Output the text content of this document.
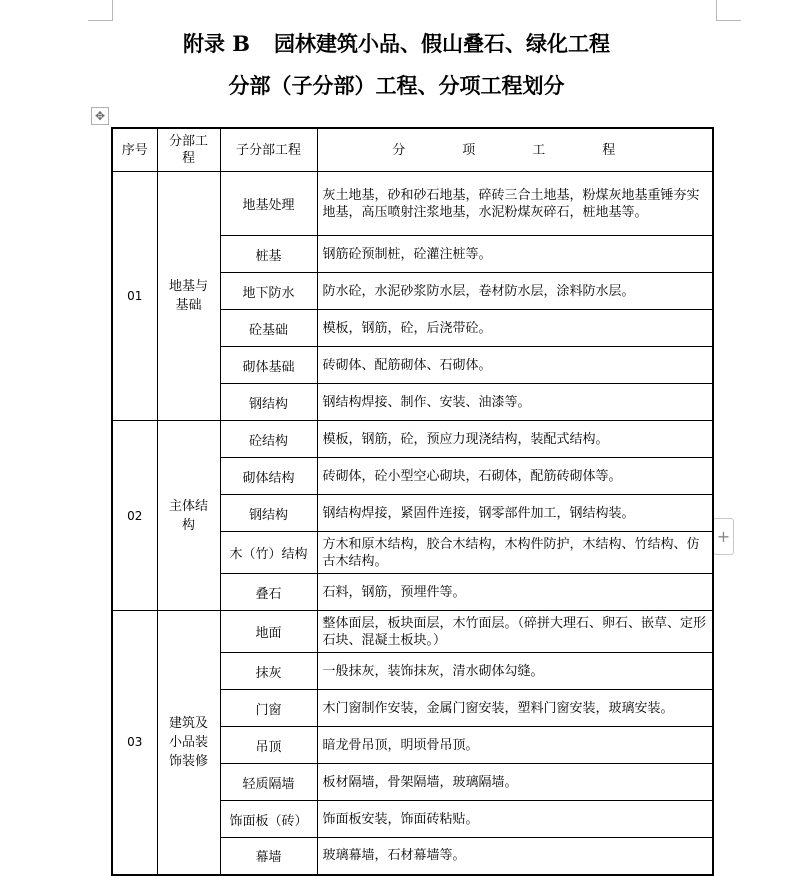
附录 B 园林建筑小品、假山叠石、绿化工程
分部（子分部）工程、分项工程划分
✥
+
序号	分部工程	子分部工程	分　项　工　程
01	地基与基础	地基处理	灰土地基，砂和砂石地基，碎砖三合土地基，粉煤灰地基重锤夯实地基，高压喷射注浆地基，水泥粉煤灰碎石，桩地基等。
		桩基	钢筋砼预制桩，砼灌注桩等。
		地下防水	防水砼，水泥砂浆防水层，卷材防水层，涂料防水层。
		砼基础	模板，钢筋，砼，后浇带砼。
		砌体基础	砖砌体、配筋砌体、石砌体。
		钢结构	钢结构焊接、制作、安装、油漆等。
02	主体结构	砼结构	模板，钢筋，砼，预应力现浇结构，装配式结构。
		砌体结构	砖砌体，砼小型空心砌块，石砌体，配筋砖砌体等。
		钢结构	钢结构焊接，紧固件连接，钢零部件加工，钢结构装。
		木（竹）结构	方木和原木结构，胶合木结构，木构件防护，木结构、竹结构、仿古木结构。
		叠石	石料，钢筋，预埋件等。
03	建筑及小品装饰装修	地面	整体面层，板块面层，木竹面层。（碎拼大理石、卵石、嵌草、定形石块、混凝土板块。）
		抹灰	一般抹灰，装饰抹灰，清水砌体勾缝。
		门窗	木门窗制作安装，金属门窗安装，塑料门窗安装，玻璃安装。
		吊顶	暗龙骨吊顶，明顷骨吊顶。
		轻质隔墙	板材隔墙，骨架隔墙，玻璃隔墙。
		饰面板（砖）	饰面板安装，饰面砖粘贴。
		幕墙	玻璃幕墙，石材幕墙等。
